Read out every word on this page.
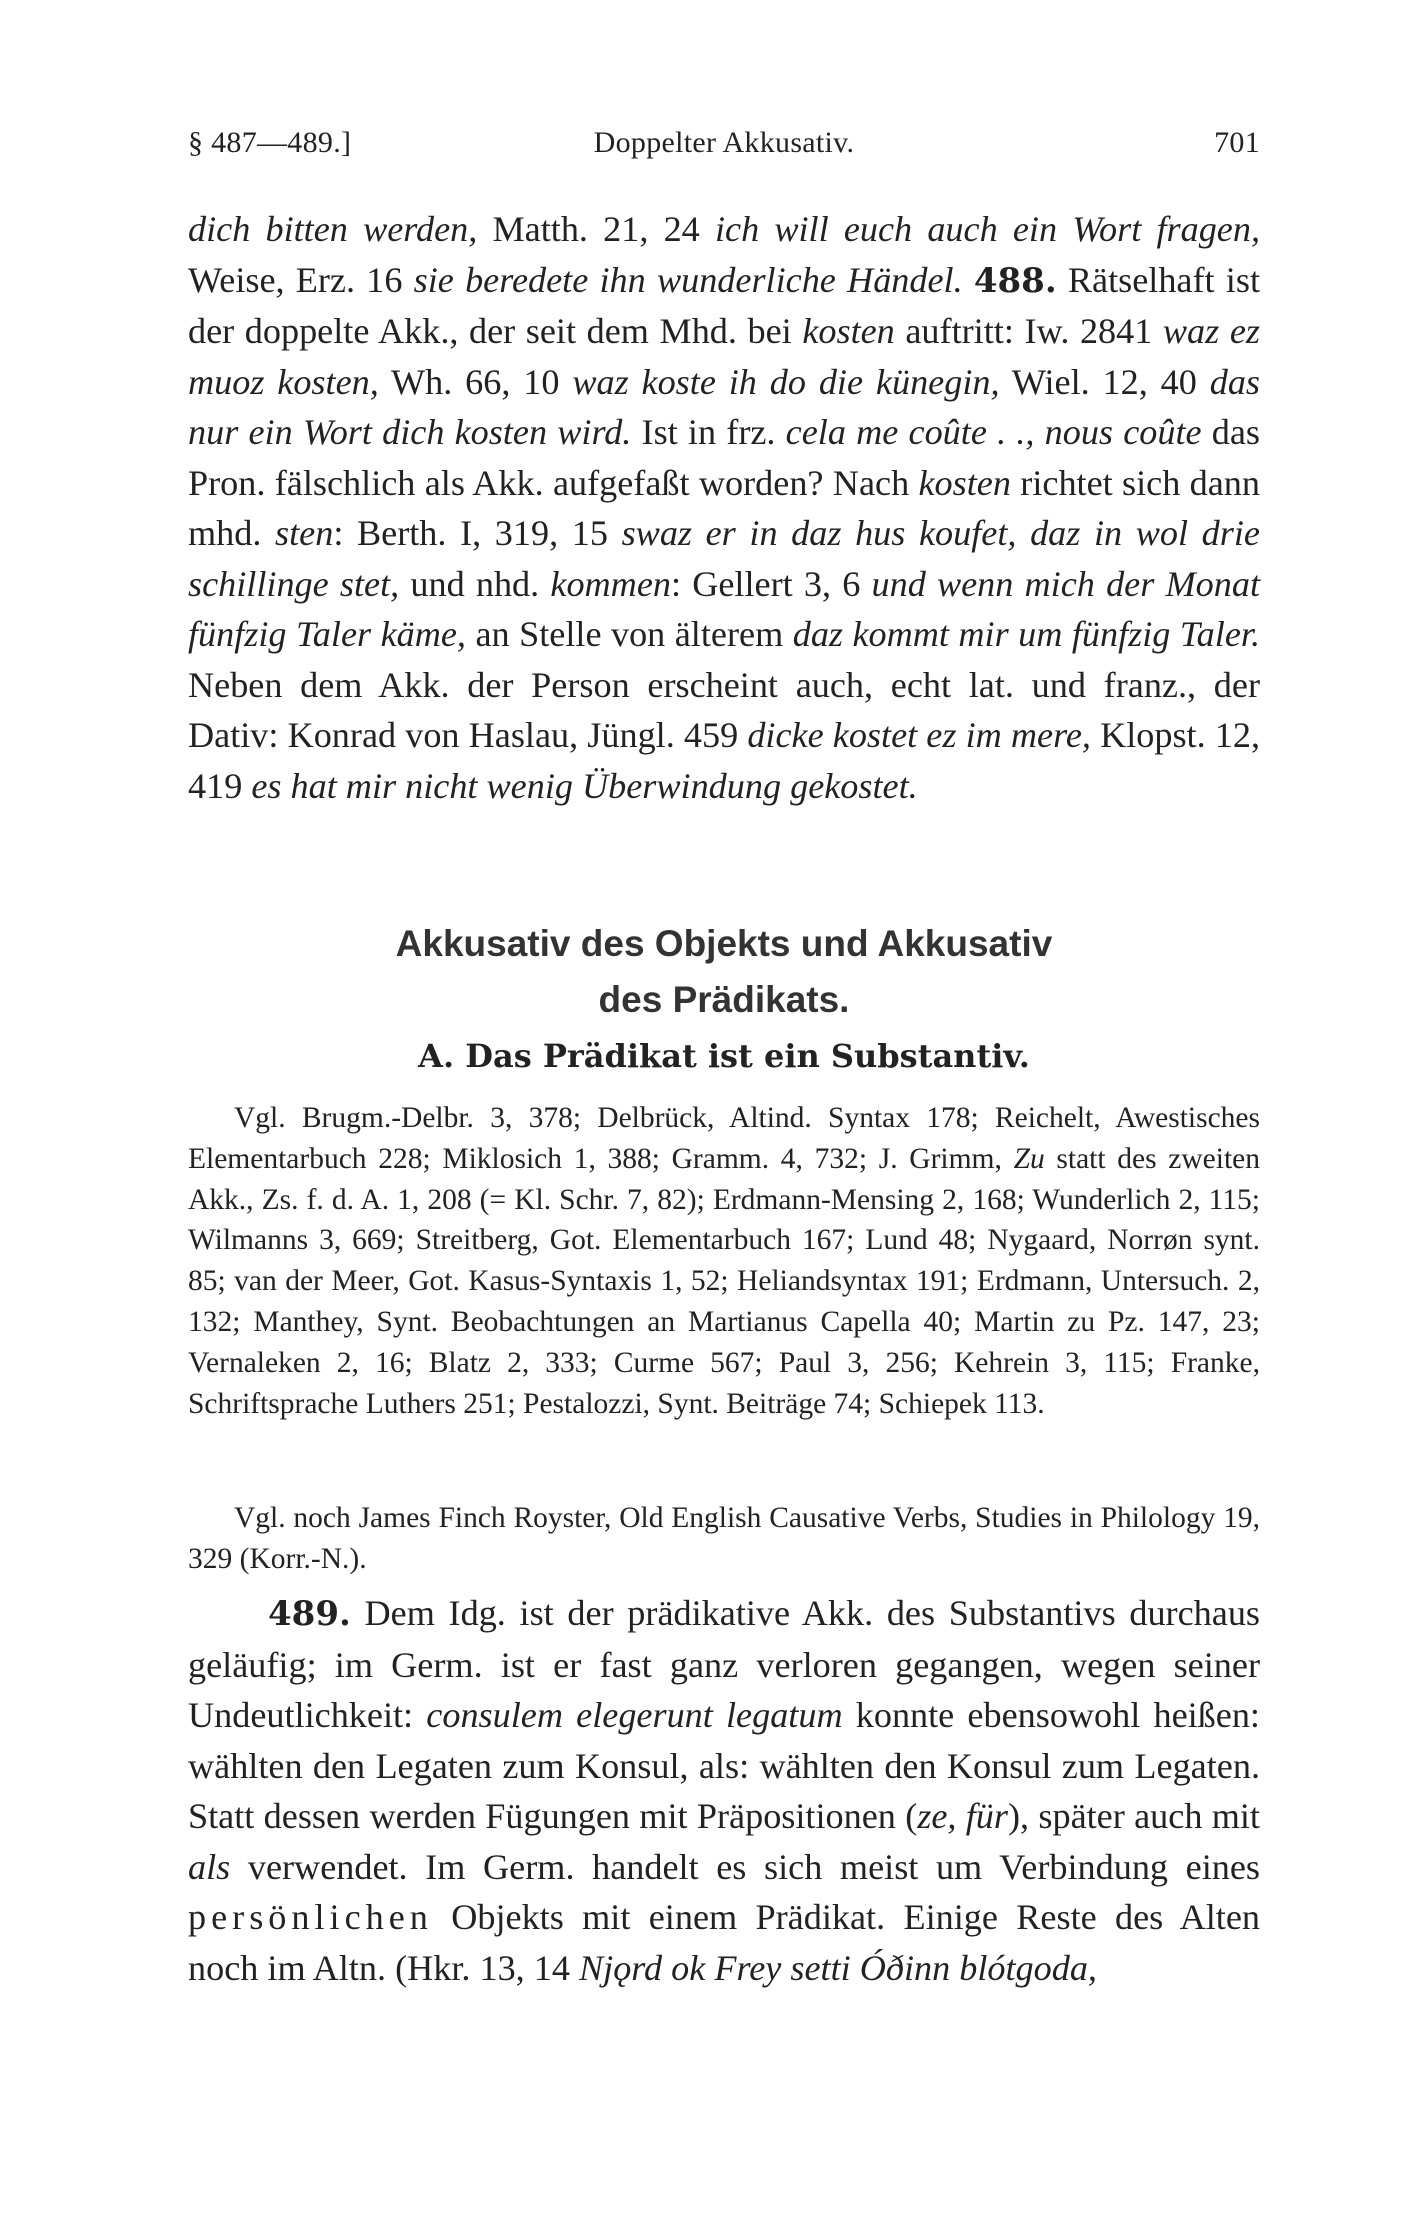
§ 487—489.]	Doppelter Akkusativ.	701

dich bitten werden, Matth. 21, 24 ich will euch auch ein Wort fragen, Weise, Erz. 16 sie beredete ihn wunderliche Händel. 488. Rätselhaft ist der doppelte Akk., der seit dem Mhd. bei kosten auftritt: Iw. 2841 waz ez muoz kosten, Wh. 66, 10 waz koste ih do die künegin, Wiel. 12, 40 das nur ein Wort dich kosten wird. Ist in frz. cela me coûte . ., nous coûte das Pron. fälschlich als Akk. aufgefaßt worden? Nach kosten richtet sich dann mhd. sten: Berth. I, 319, 15 swaz er in daz hus koufet, daz in wol drie schillinge stet, und nhd. kommen: Gellert 3, 6 und wenn mich der Monat fünfzig Taler käme, an Stelle von älterem daz kommt mir um fünfzig Taler. Neben dem Akk. der Person erscheint auch, echt lat. und franz., der Dativ: Konrad von Haslau, Jüngl. 459 dicke kostet ez im mere, Klopst. 12, 419 es hat mir nicht wenig Überwindung gekostet.

Akkusativ des Objekts und Akkusativ
des Prädikats.
A. Das Prädikat ist ein Substantiv.

Vgl. Brugm.-Delbr. 3, 378; Delbrück, Altind. Syntax 178; Reichelt, Awestisches Elementarbuch 228; Miklosich 1, 388; Gramm. 4, 732; J. Grimm, Zu statt des zweiten Akk., Zs. f. d. A. 1, 208 (= Kl. Schr. 7, 82); Erdmann-Mensing 2, 168; Wunderlich 2, 115; Wilmanns 3, 669; Streitberg, Got. Elementarbuch 167; Lund 48; Nygaard, Norrøn synt. 85; van der Meer, Got. Kasus-Syntaxis 1, 52; Heliandsyntax 191; Erdmann, Untersuch. 2, 132; Manthey, Synt. Beobachtungen an Martianus Capella 40; Martin zu Pz. 147, 23; Vernaleken 2, 16; Blatz 2, 333; Curme 567; Paul 3, 256; Kehrein 3, 115; Franke, Schriftsprache Luthers 251; Pestalozzi, Synt. Beiträge 74; Schiepek 113.

Vgl. noch James Finch Royster, Old English Causative Verbs, Studies in Philology 19, 329 (Korr.-N.).

489. Dem Idg. ist der prädikative Akk. des Substantivs durchaus geläufig; im Germ. ist er fast ganz verloren gegangen, wegen seiner Undeutlichkeit: consulem elegerunt legatum konnte ebensowohl heißen: wählten den Legaten zum Konsul, als: wählten den Konsul zum Legaten. Statt dessen werden Fügungen mit Präpositionen (ze, für), später auch mit als verwendet. Im Germ. handelt es sich meist um Verbindung eines persönlichen Objekts mit einem Prädikat. Einige Reste des Alten noch im Altn. (Hkr. 13, 14 Njǫrd ok Frey setti Óðinn blótgoda,
